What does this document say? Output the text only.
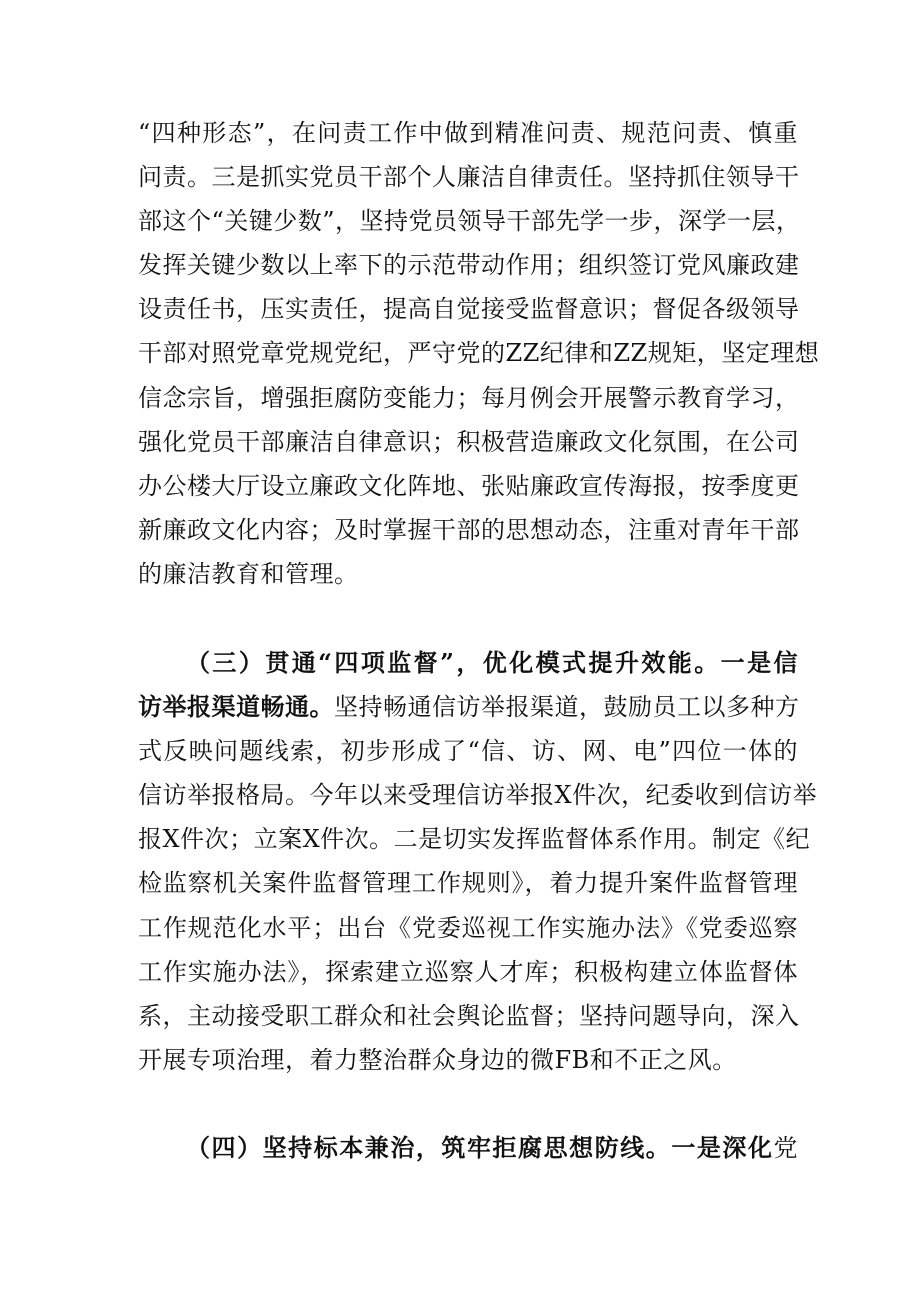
“四种形态”，在问责工作中做到精准问责、规范问责、慎重
问责。三是抓实党员干部个人廉洁自律责任。坚持抓住领导干
部这个“关键少数”，坚持党员领导干部先学一步，深学一层，
发挥关键少数以上率下的示范带动作用；组织签订党风廉政建
设责任书，压实责任，提高自觉接受监督意识；督促各级领导
干部对照党章党规党纪，严守党的ZZ纪律和ZZ规矩，坚定理想
信念宗旨，增强拒腐防变能力；每月例会开展警示教育学习，
强化党员干部廉洁自律意识；积极营造廉政文化氛围，在公司
办公楼大厅设立廉政文化阵地、张贴廉政宣传海报，按季度更
新廉政文化内容；及时掌握干部的思想动态，注重对青年干部
的廉洁教育和管理。
（三）贯通“四项监督”，优化模式提升效能。一是信
访举报渠道畅通。坚持畅通信访举报渠道，鼓励员工以多种方
式反映问题线索，初步形成了“信、访、网、电”四位一体的
信访举报格局。今年以来受理信访举报X件次，纪委收到信访举
报X件次；立案X件次。二是切实发挥监督体系作用。制定《纪
检监察机关案件监督管理工作规则》，着力提升案件监督管理
工作规范化水平；出台《党委巡视工作实施办法》《党委巡察
工作实施办法》，探索建立巡察人才库；积极构建立体监督体
系，主动接受职工群众和社会舆论监督；坚持问题导向，深入
开展专项治理，着力整治群众身边的微FB和不正之风。
（四）坚持标本兼治，筑牢拒腐思想防线。一是深化党
